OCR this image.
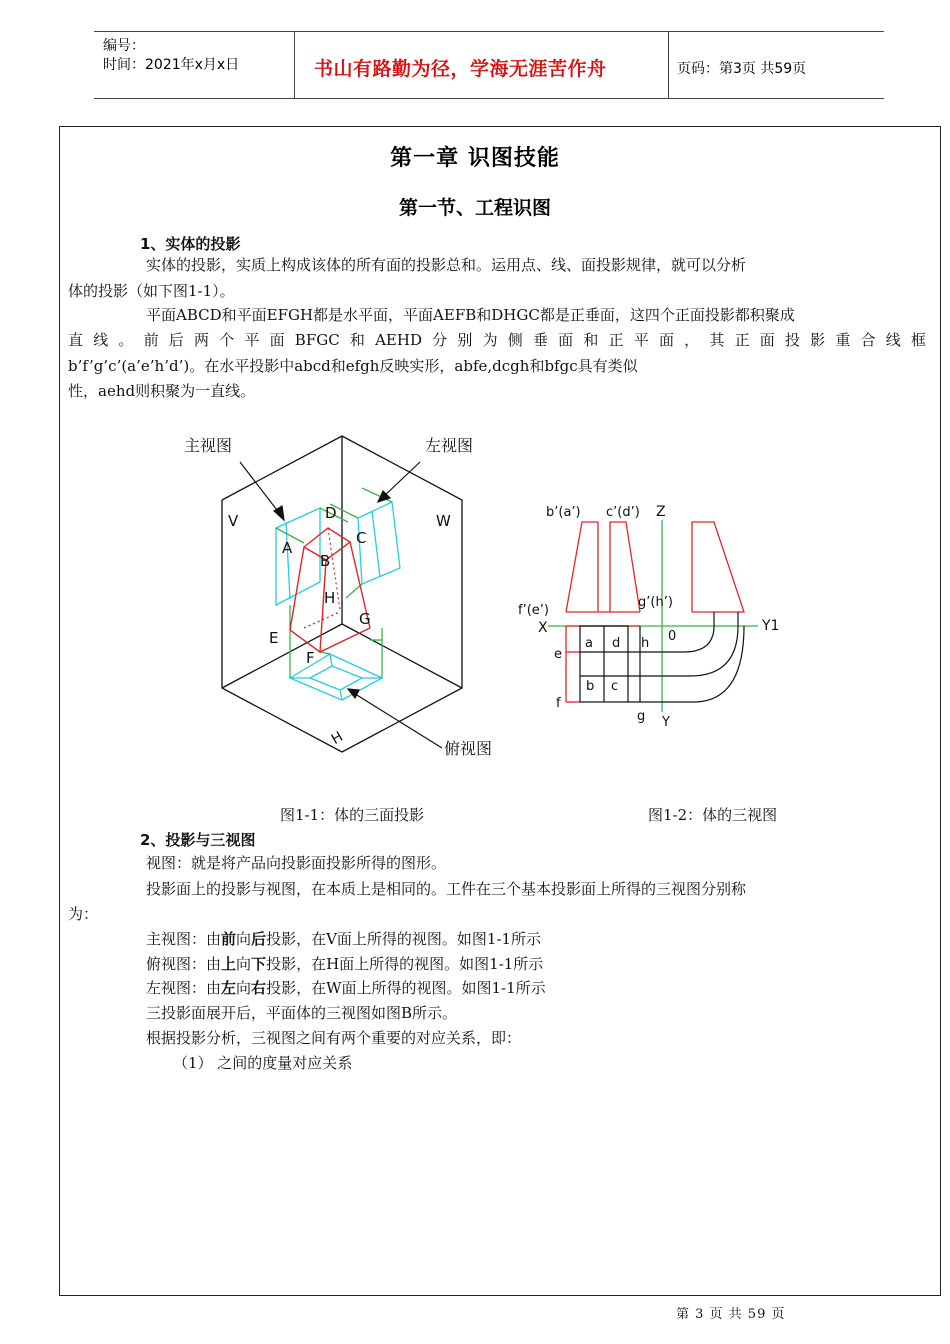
编号：
时间：2021年x月x日	书山有路勤为径，学海无涯苦作舟	页码：第3页 共59页
第一章 识图技能
第一节、工程识图
1、实体的投影
实体的投影，实质上构成该体的所有面的投影总和。运用点、线、面投影规律，就可以分析
体的投影（如下图1-1）。
平面ABCD和平面EFGH都是水平面，平面AEFB和DHGC都是正垂面，这四个正面投影都积聚成
直线。前后两个平面BFGC和AEHD分别为侧垂面和正平面，其正面投影重合线框
b’f’g’c’(a’e’h’d’)。在水平投影中abcd和efgh反映实形，abfe,dcgh和bfgc具有类似
性，aehd则积聚为一直线。
主视图	左视图
俯视图
V	W
H
A
B
C
D
E
F
G
H
b’(a’) c’(d’) Z
f’(e’)
g’(h’)
X	Y1
0
a d h
e
b c
f
g Y
图1-1：体的三面投影	图1-2：体的三视图
2、投影与三视图
视图：就是将产品向投影面投影所得的图形。
投影面上的投影与视图，在本质上是相同的。工件在三个基本投影面上所得的三视图分别称
为：
主视图：由前向后投影，在V面上所得的视图。如图1-1所示
俯视图：由上向下投影，在H面上所得的视图。如图1-1所示
左视图：由左向右投影，在W面上所得的视图。如图1-1所示
三投影面展开后，平面体的三视图如图B所示。
根据投影分析，三视图之间有两个重要的对应关系，即：
（1） 之间的度量对应关系
第 3 页 共 59 页
